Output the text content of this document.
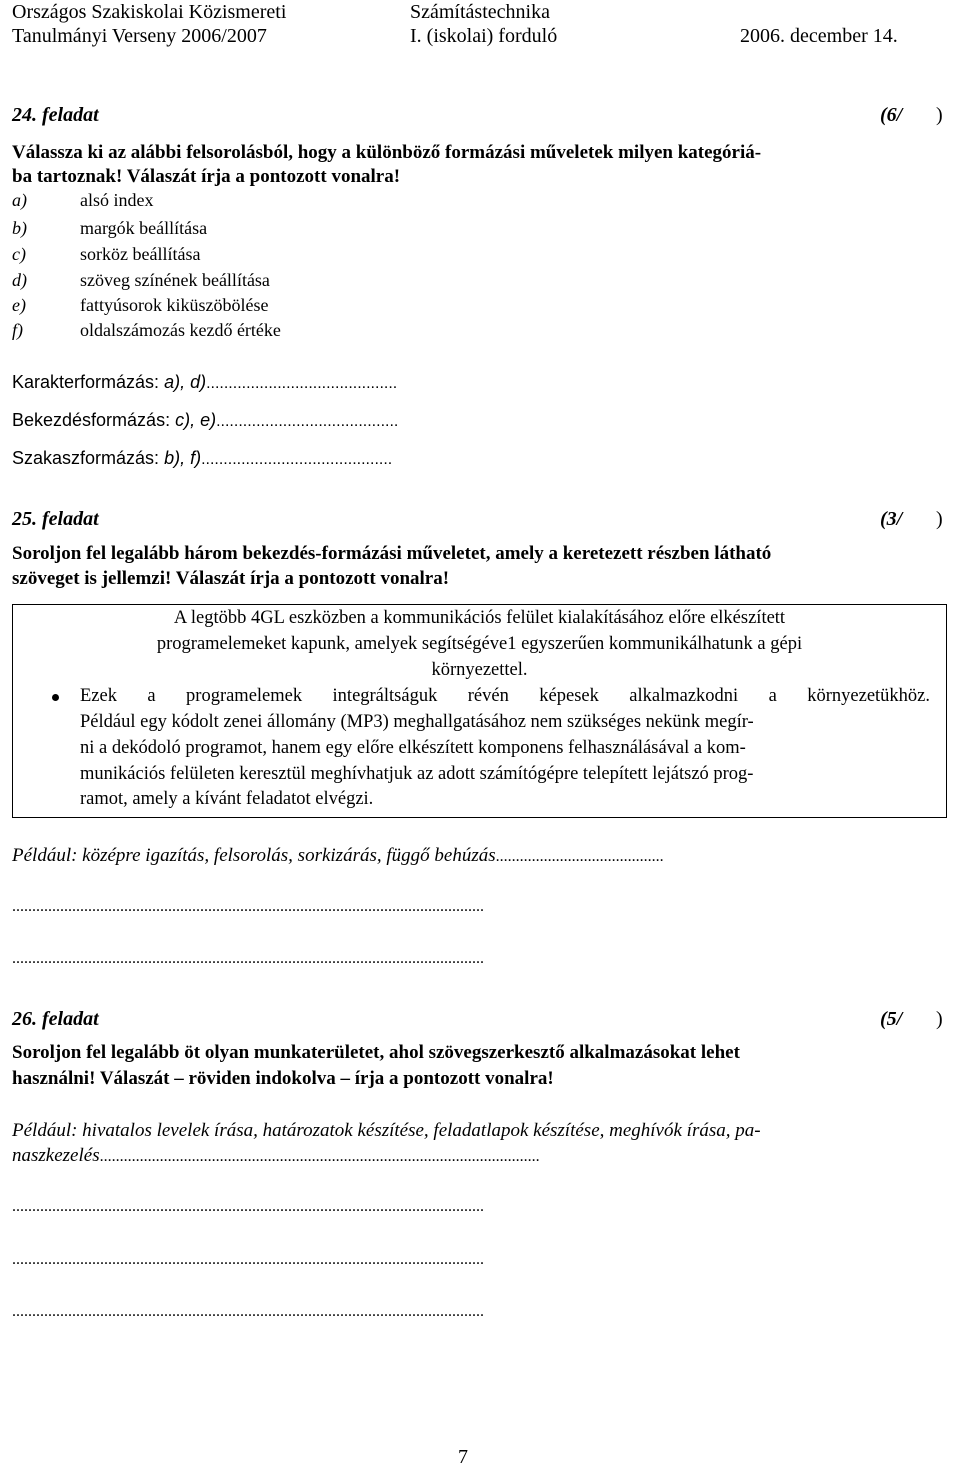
Országos Szakiskolai Közismereti
Tanulmányi Verseny 2006/2007
Számítástechnika
I. (iskolai) forduló	2006. december 14.
24. feladat	(6/ )
Válassza ki az alábbi felsorolásból, hogy a különböző formázási műveletek milyen kategóriá-
ba tartoznak! Válaszát írja a pontozott vonalra!
a)	alsó index
b)	margók beállítása
c)	sorköz beállítása
d)	szöveg színének beállítása
e)	fattyúsorok kiküszöbölése
f)	oldalszámozás kezdő értéke
Karakterformázás: a), d)...........................................
Bekezdésformázás: c), e).........................................
Szakaszformázás: b), f)...........................................
25. feladat	(3/ )
Soroljon fel legalább három bekezdés-formázási műveletet, amely a keretezett részben látható
szöveget is jellemzi! Válaszát írja a pontozott vonalra!
A legtöbb 4GL eszközben a kommunikációs felület kialakításához előre elkészített
programelemeket kapunk, amelyek segítségéve1 egyszerűen kommunikálhatunk a gépi
környezettel.
Ezek a programelemek integráltságuk révén képesek alkalmazkodni a környezetükhöz.
Például egy kódolt zenei állomány (MP3) meghallgatásához nem szükséges nekünk megír-
ni a dekódoló programot, hanem egy előre elkészített komponens felhasználásával a kom-
munikációs felületen keresztül meghívhatjuk az adott számítógépre telepített lejátszó prog-
ramot, amely a kívánt feladatot elvégzi.
Például: középre igazítás, felsorolás, sorkizárás, függő behúzás..........................................
......................................................................................................................
......................................................................................................................
26. feladat	(5/ )
Soroljon fel legalább öt olyan munkaterületet, ahol szövegszerkesztő alkalmazásokat lehet
használni! Válaszát – röviden indokolva – írja a pontozott vonalra!
Például: hivatalos levelek írása, határozatok készítése, feladatlapok készítése, meghívók írása, pa-
naszkezelés..............................................................................................................
......................................................................................................................
......................................................................................................................
......................................................................................................................
7
